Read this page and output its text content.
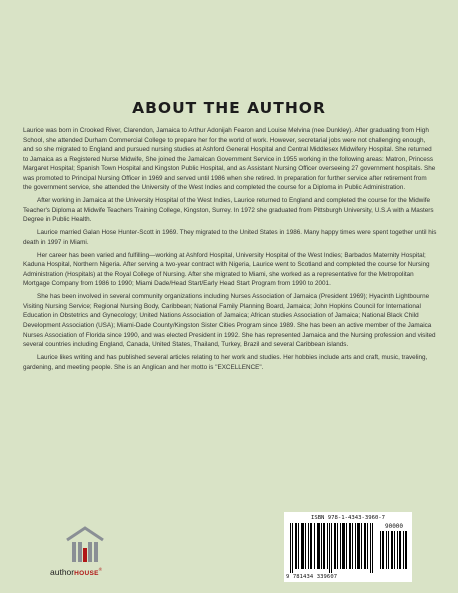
ABOUT THE AUTHOR

Laurice was born in Crooked River, Clarendon, Jamaica to Arthur Adonijah Fearon and Louise Melvina (nee Dunkley). After graduating from High School, she attended Durham Commercial College to prepare her for the world of work. However, secretarial jobs were not challenging enough, and so she migrated to England and pursued nursing studies at Ashford General Hospital and Central Middlesex Midwifery Hospital. She returned to Jamaica as a Registered Nurse Midwife, She joined the Jamaican Government Service in 1955 working in the following areas: Matron, Princess Margaret Hospital; Spanish Town Hospital and Kingston Public Hospital, and as Assistant Nursing Officer overseeing 27 government hospitals. She was promoted to Principal Nursing Officer in 1969 and served until 1986 when she retired. In preparation for further service after retirement from the government service, she attended the University of the West Indies and completed the course for a Diploma in Public Administration.

After working in Jamaica at the University Hospital of the West Indies, Laurice returned to England and completed the course for the Midwife Teacher's Diploma at Midwife Teachers Training College, Kingston, Surrey. In 1972 she graduated from Pittsburgh University, U.S.A with a Masters Degree in Public Health.

Laurice married Galan Hose Hunter-Scott in 1969. They migrated to the United States in 1986. Many happy times were spent together until his death in 1997 in Miami.

Her career has been varied and fulfilling—working at Ashford Hospital, University Hospital of the West Indies; Barbados Maternity Hospital; Kaduna Hospital, Northern Nigeria. After serving a two-year contract with Nigeria, Laurice went to Scotland and completed the course for Nursing Administration (Hospitals) at the Royal College of Nursing. After she migrated to Miami, she worked as a representative for the Metropolitan Mortgage Company from 1986 to 1990; Miami Dade/Head Start/Early Head Start Program from 1990 to 2001.

She has been involved in several community organizations including Nurses Association of Jamaica (President 1969); Hyacinth Lightbourne Visiting Nursing Service; Regional Nursing Body, Caribbean; National Family Planning Board, Jamaica; John Hopkins Council for International Education in Obstetrics and Gynecology; United Nations Association of Jamaica; African studies Association of Jamaica; National Black Child Development Association (USA); Miami-Dade County/Kingston Sister Cities Program since 1989. She has been an active member of the Jamaica Nurses Association of Florida since 1990, and was elected President in 1992. She has represented Jamaica and the Nursing profession and visited several countries including England, Canada, United States, Thailand, Turkey, Brazil and several Caribbean islands.

Laurice likes writing and has published several articles relating to her work and studies. Her hobbies include arts and craft, music, traveling, gardening, and meeting people. She is an Anglican and her motto is "EXCELLENCE".

authorHOUSE®
ISBN 978-1-4343-3960-7
90000
9 781434 339607
